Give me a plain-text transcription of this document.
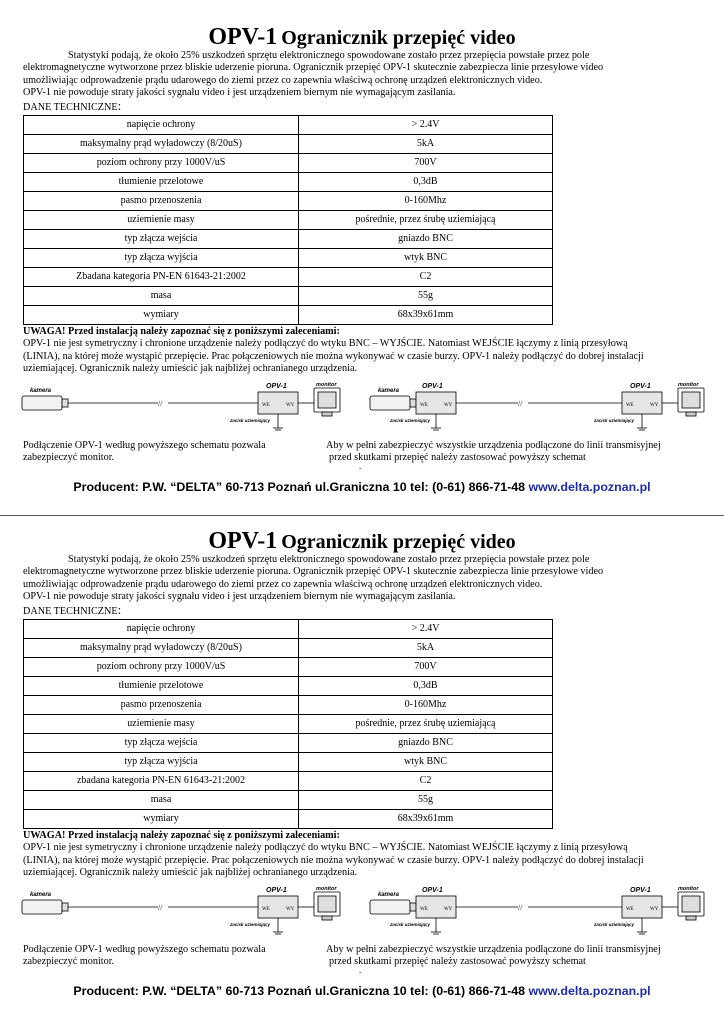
OPV-1 Ogranicznik przepięć video

Statystyki podają, że około 25% uszkodzeń sprzętu elektronicznego spowodowane zostało przez przepięcia powstałe przez pole

elektromagnetyczne wytworzone przez bliskie uderzenie pioruna. Ogranicznik przepięć OPV-1 skutecznie zabezpiecza linie przesyłowe video

umożliwiając odprowadzenie prądu udarowego do ziemi przez co zapewnia właściwą ochronę urządzeń elektronicznych video.

OPV-1 nie powoduje straty jakości sygnału video i jest urządzeniem biernym nie wymagającym zasilania.

DANE TECHNICZNE:
napięcie ochrony	> 2.4V
maksymalny prąd wyładowczy (8/20uS)	5kA
poziom ochrony przy 1000V/uS	700V
tłumienie przelotowe	0,3dB
pasmo przenoszenia	0-160Mhz
uziemienie masy	pośrednie, przez śrubę uziemiającą
typ złącza wejścia	gniazdo BNC
typ złącza wyjścia	wtyk BNC
Zbadana kategoria PN-EN 61643-21:2002	C2
masa	55g
wymiary	68x39x61mm

UWAGA! Przed instalacją należy zapoznać się z poniższymi zaleceniami:

OPV-1 nie jest symetryczny i chronione urządzenie należy podłączyć do wtyku BNC – WYJŚCIE. Natomiast WEJŚCIE łączymy z linią przesyłową

(LINIA), na której może wystąpić przepięcie. Prac połączeniowych nie można wykonywać w czasie burzy. OPV-1 należy podłączyć do dobrej instalacji

uziemiającej. Ogranicznik należy umieścić jak najbliżej ochranianego urządzenia.

kamera
//
OPV-1
WE	WY
zacisk uziemiający
monitor
kamera
OPV-1
WE	WY
zacisk uziemiający
//
OPV-1
WE	WY
zacisk uziemiający
monitor

Podłączenie OPV-1 według powyższego schematu pozwala

zabezpieczyć monitor.

Aby w pełni zabezpieczyć wszystkie urządzenia podłączone do linii transmisyjnej

przed skutkami przepięć należy zastosować powyższy schemat

.
Producent: P.W. “DELTA” 60-713 Poznań ul.Graniczna 10 tel: (0-61) 866-71-48 www.delta.poznan.pl
OPV-1 Ogranicznik przepięć video

Statystyki podają, że około 25% uszkodzeń sprzętu elektronicznego spowodowane zostało przez przepięcia powstałe przez pole

elektromagnetyczne wytworzone przez bliskie uderzenie pioruna. Ogranicznik przepięć OPV-1 skutecznie zabezpiecza linie przesyłowe video

umożliwiając odprowadzenie prądu udarowego do ziemi przez co zapewnia właściwą ochronę urządzeń elektronicznych video.

OPV-1 nie powoduje straty jakości sygnału video i jest urządzeniem biernym nie wymagającym zasilania.

DANE TECHNICZNE:
napięcie ochrony	> 2.4V
maksymalny prąd wyładowczy (8/20uS)	5kA
poziom ochrony przy 1000V/uS	700V
tłumienie przelotowe	0,3dB
pasmo przenoszenia	0-160Mhz
uziemienie masy	pośrednie, przez śrubę uziemiającą
typ złącza wejścia	gniazdo BNC
typ złącza wyjścia	wtyk BNC
zbadana kategoria PN-EN 61643-21:2002	C2
masa	55g
wymiary	68x39x61mm

UWAGA! Przed instalacją należy zapoznać się z poniższymi zaleceniami:

OPV-1 nie jest symetryczny i chronione urządzenie należy podłączyć do wtyku BNC – WYJŚCIE. Natomiast WEJŚCIE łączymy z linią przesyłową

(LINIA), na której może wystąpić przepięcie. Prac połączeniowych nie można wykonywać w czasie burzy. OPV-1 należy podłączyć do dobrej instalacji

uziemiającej. Ogranicznik należy umieścić jak najbliżej ochranianego urządzenia.

kamera
//
OPV-1
WE	WY
zacisk uziemiający
monitor
kamera
OPV-1
WE	WY
zacisk uziemiający
//
OPV-1
WE	WY
zacisk uziemiający
monitor

Podłączenie OPV-1 według powyższego schematu pozwala

zabezpieczyć monitor.

Aby w pełni zabezpieczyć wszystkie urządzenia podłączone do linii transmisyjnej

przed skutkami przepięć należy zastosować powyższy schemat

.
Producent: P.W. “DELTA” 60-713 Poznań ul.Graniczna 10 tel: (0-61) 866-71-48 www.delta.poznan.pl
